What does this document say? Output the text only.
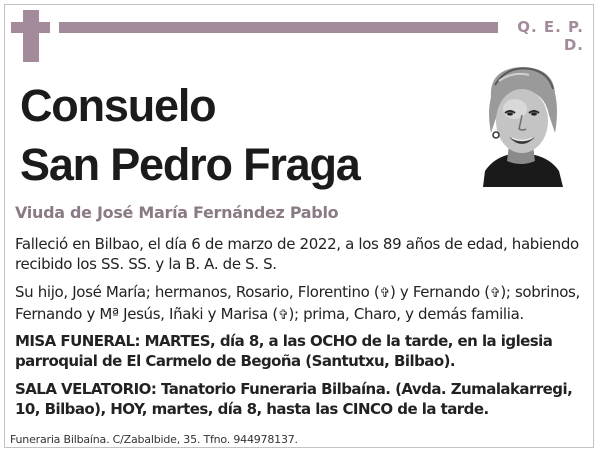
Q. E. P. D.
Consuelo
San Pedro Fraga
Viuda de José María Fernández Pablo
Falleció en Bilbao, el día 6 de marzo de 2022, a los 89 años de edad, habiendo recibido los SS. SS. y la B. A. de S. S.
Su hijo, José María; hermanos, Rosario, Florentino (✞) y Fernando (✞); sobrinos, Fernando y Mª Jesús, Iñaki y Marisa (✞); prima, Charo, y demás familia.
MISA FUNERAL: MARTES, día 8, a las OCHO de la tarde, en la iglesia parroquial de El Carmelo de Begoña (Santutxu, Bilbao).
SALA VELATORIO: Tanatorio Funeraria Bilbaína. (Avda. Zumalakarregi, 10, Bilbao), HOY, martes, día 8, hasta las CINCO de la tarde.
Funeraria Bilbaína. C/Zabalbide, 35. Tfno. 944978137.
